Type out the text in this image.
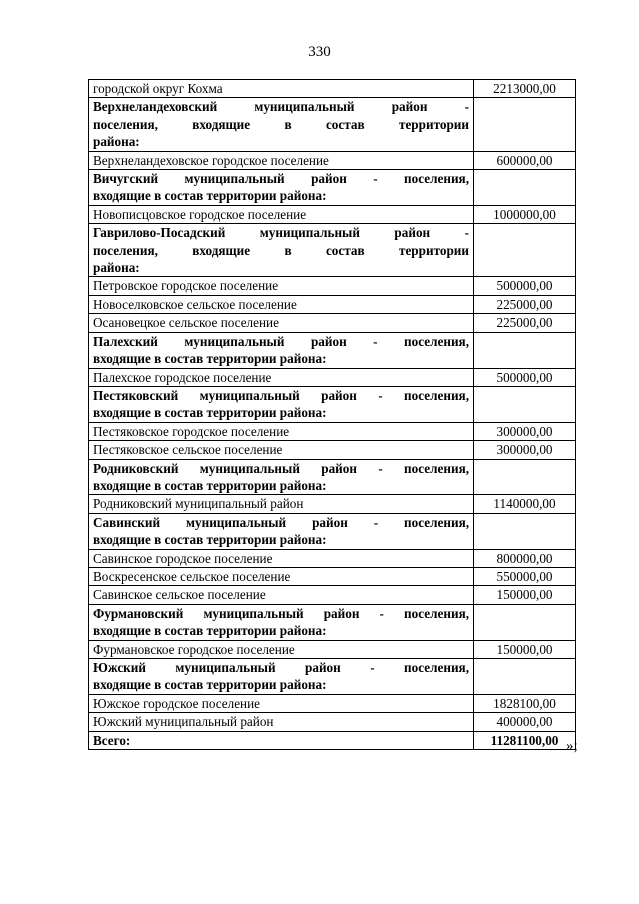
330
городской округ Кохма	2213000,00

Верхнеландеховский муниципальный район -
поселения, входящие в состав территории
района:	

Верхнеландеховское городское поселение	600000,00

Вичугский муниципальный район - поселения,
входящие в состав территории района:	

Новописцовское городское поселение	1000000,00

Гаврилово-Посадский муниципальный район -
поселения, входящие в состав территории
района:	

Петровское городское поселение	500000,00
Новоселковское сельское поселение	225000,00
Осановецкое сельское поселение	225000,00

Палехский муниципальный район - поселения,
входящие в состав территории района:	

Палехское городское поселение	500000,00

Пестяковский муниципальный район - поселения,
входящие в состав территории района:	

Пестяковское городское поселение	300000,00
Пестяковское сельское поселение	300000,00

Родниковский муниципальный район - поселения,
входящие в состав территории района:	

Родниковский муниципальный район	1140000,00

Савинский муниципальный район - поселения,
входящие в состав территории района:	

Савинское городское поселение	800000,00
Воскресенское сельское поселение	550000,00
Савинское сельское поселение	150000,00

Фурмановский муниципальный район - поселения,
входящие в состав территории района:	

Фурмановское городское поселение	150000,00

Южский муниципальный район - поселения,
входящие в состав территории района:	

Южское городское поселение	1828100,00
Южский муниципальный район	400000,00
Всего:	11281100,00 »;
